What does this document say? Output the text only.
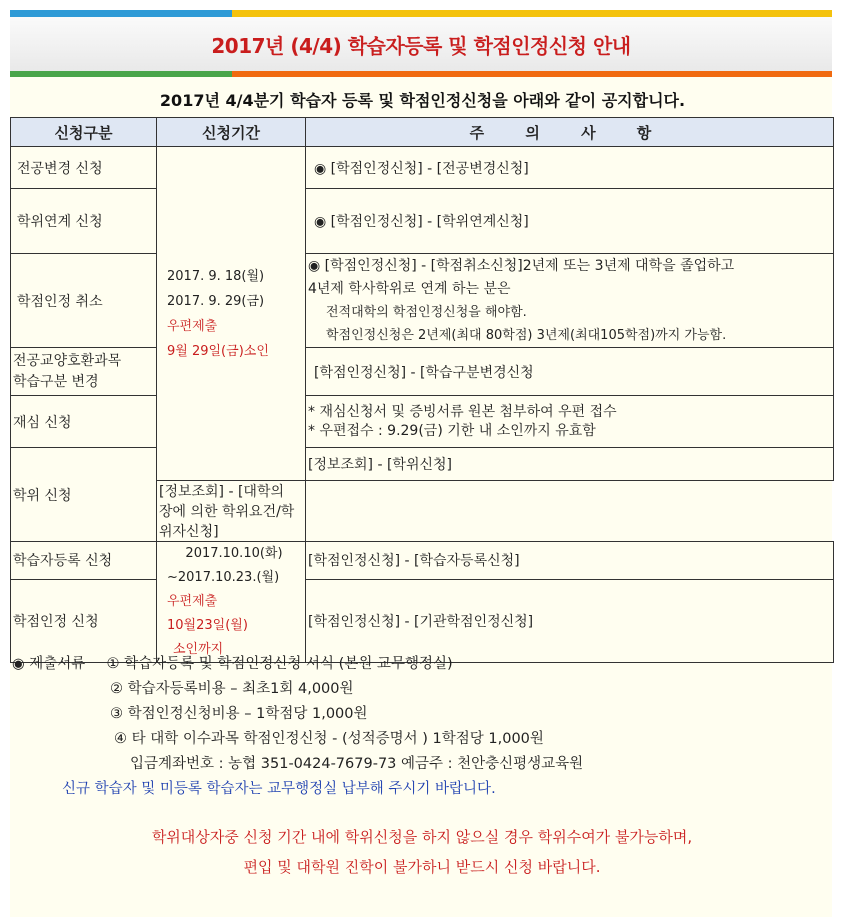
2017년 (4/4) 학습자등록 및 학점인정신청 안내
2017년 4/4분기 학습자 등록 및 학점인정신청을 아래와 같이 공지합니다.
신청구분	신청기간	주 의 사 항
전공변경 신청	2017. 9. 18(월)
2017. 9. 29(금)
우편제출
9월 29일(금)소인	◉ [학점인정신청] - [전공변경신청]
학위연계 신청		◉ [학점인정신청] - [학위연계신청]
학점인정 취소		◉ [학점인정신청] - [학점취소신청]2년제 또는 3년제 대학을 졸업하고
4년제 학사학위로 연계 하는 분은
전적대학의 학점인정신청을 해야함.
학점인정신청은 2년제(최대 80학점) 3년제(최대105학점)까지 가능함.

전공교양호환과목
학습구분 변경		[학점인정신청] - [학습구분변경신청
재심 신청		* 재심신청서 및 증빙서류 원본 첨부하여 우편 접수
* 우편접수 : 9.29(금) 기한 내 소인까지 유효함

학위 신청		[정보조회] - [학위신청]
	[정보조회] - [대학의 장에 의한 학위요건/학위자신청]	
학습자등록 신청	2017.10.10(화)
~2017.10.23.(월)
우편제출
10월23일(월)
소인까지	[학점인정신청] - [학습자등록신청]
학점인정 신청		[학점인정신청] - [기관학점인정신청]
◉ 제출서류 ① 학습자등록 및 학점인정신청 서식 (본원 교무행정실)
② 학습자등록비용 – 최초1회 4,000원
③ 학점인정신청비용 – 1학점당 1,000원
④ 타 대학 이수과목 학점인정신청 - (성적증명서 ) 1학점당 1,000원
입금계좌번호 : 농협 351-0424-7679-73 예금주 : 천안충신평생교육원
신규 학습자 및 미등록 학습자는 교무행정실 납부해 주시기 바랍니다.
학위대상자중 신청 기간 내에 학위신청을 하지 않으실 경우 학위수여가 불가능하며,
편입 및 대학원 진학이 불가하니 받드시 신청 바랍니다.
